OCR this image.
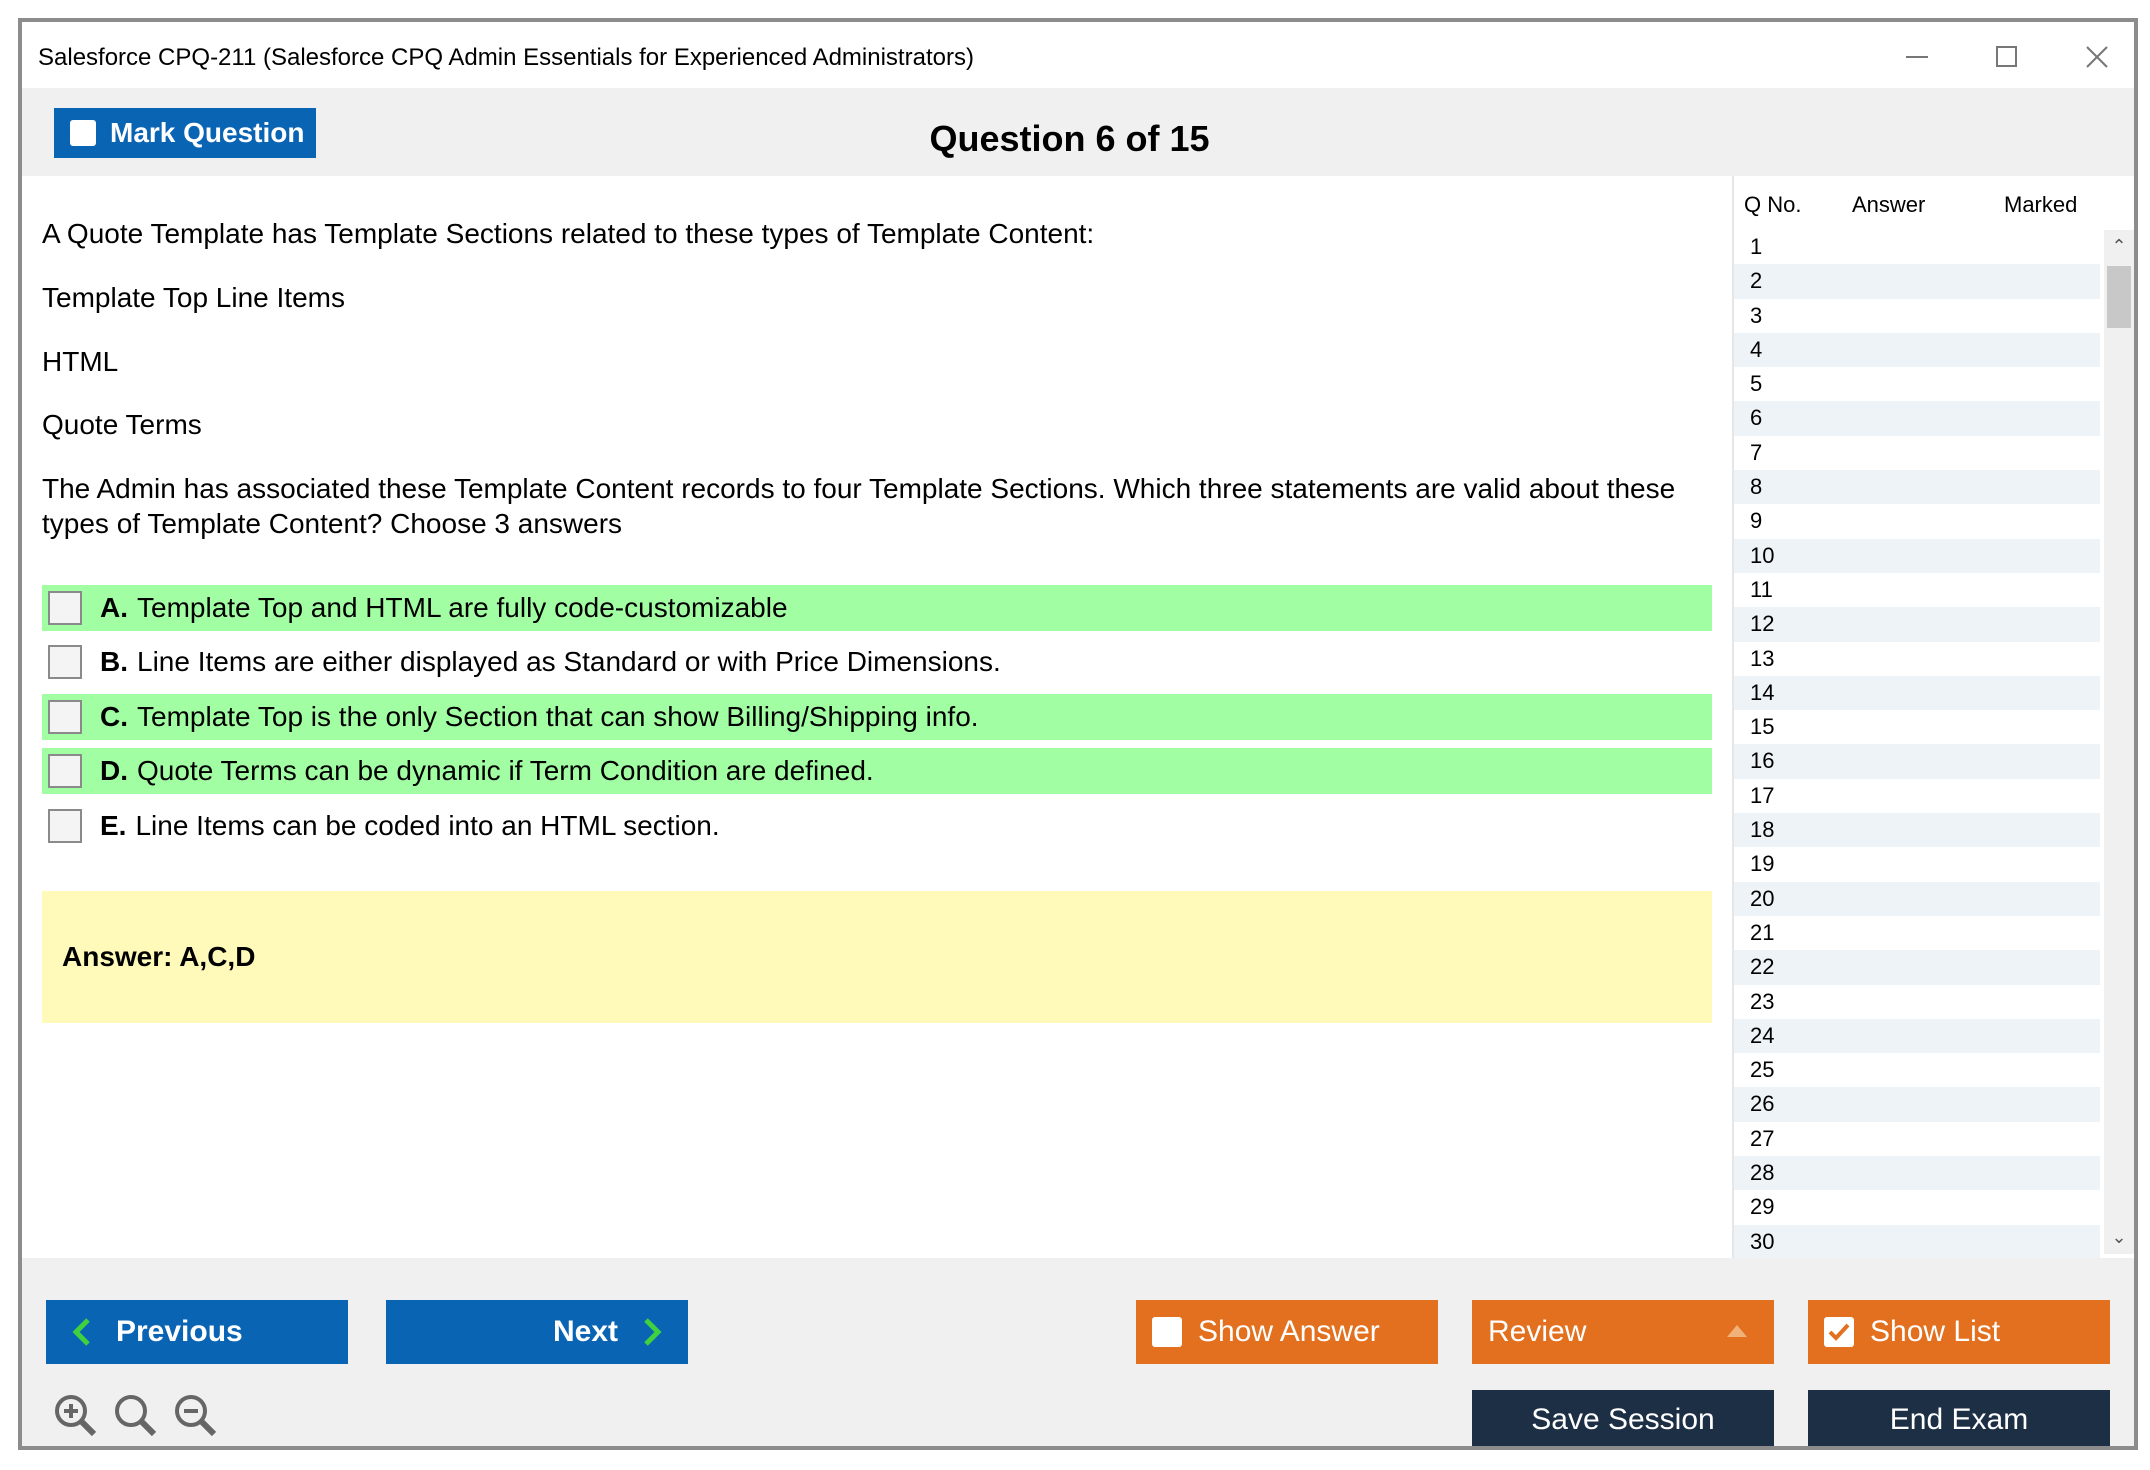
Salesforce CPQ-211 (Salesforce CPQ Admin Essentials for Experienced Administrators)
Mark Question	Question 6 of 15

A Quote Template has Template Sections related to these types of Template Content:

Template Top Line Items

HTML

Quote Terms

The Admin has associated these Template Content records to four Template Sections. Which three statements are valid about these types of Template Content? Choose 3 answers

A. Template Top and HTML are fully code-customizable
B. Line Items are either displayed as Standard or with Price Dimensions.
C. Template Top is the only Section that can show Billing/Shipping info.
D. Quote Terms can be dynamic if Term Condition are defined.
E. Line Items can be coded into an HTML section.
Answer: A,C,D
Q No. Answer	Marked
1
2
3
4
5
6
7
8
9
10
11
12
13
14
15
16
17
18
19
20
21
22
23
24
25
26
27
28
29
30
⌃
⌄
Previous	Next	Show Answer	Review	Show List
Save Session	End Exam
